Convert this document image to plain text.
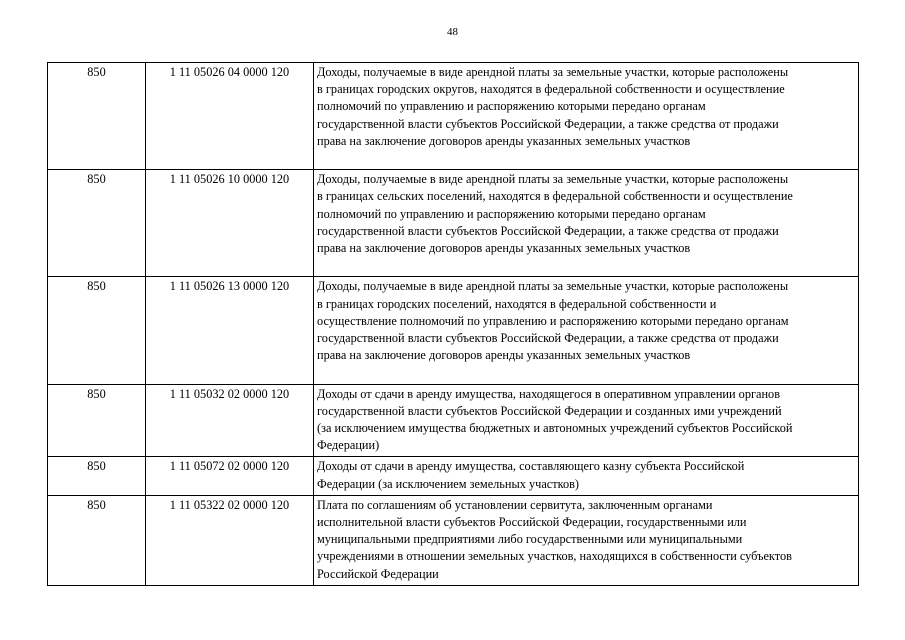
48
850	1 11 05026 04 0000 120	Доходы, получаемые в виде арендной платы за земельные участки, которые расположены
в границах городских округов, находятся в федеральной собственности и осуществление
полномочий по управлению и распоряжению которыми передано органам
государственной власти субъектов Российской Федерации, а также средства от продажи
права на заключение договоров аренды указанных земельных участков

850	1 11 05026 10 0000 120	Доходы, получаемые в виде арендной платы за земельные участки, которые расположены
в границах сельских поселений, находятся в федеральной собственности и осуществление
полномочий по управлению и распоряжению которыми передано органам
государственной власти субъектов Российской Федерации, а также средства от продажи
права на заключение договоров аренды указанных земельных участков

850	1 11 05026 13 0000 120	Доходы, получаемые в виде арендной платы за земельные участки, которые расположены
в границах городских поселений, находятся в федеральной собственности и
осуществление полномочий по управлению и распоряжению которыми передано органам
государственной власти субъектов Российской Федерации, а также средства от продажи
права на заключение договоров аренды указанных земельных участков

850	1 11 05032 02 0000 120	Доходы от сдачи в аренду имущества, находящегося в оперативном управлении органов
государственной власти субъектов Российской Федерации и созданных ими учреждений
(за исключением имущества бюджетных и автономных учреждений субъектов Российской
Федерации)

850	1 11 05072 02 0000 120	Доходы от сдачи в аренду имущества, составляющего казну субъекта Российской
Федерации (за исключением земельных участков)

850	1 11 05322 02 0000 120	Плата по соглашениям об установлении сервитута, заключенным органами
исполнительной власти субъектов Российской Федерации, государственными или
муниципальными предприятиями либо государственными или муниципальными
учреждениями в отношении земельных участков, находящихся в собственности субъектов
Российской Федерации
